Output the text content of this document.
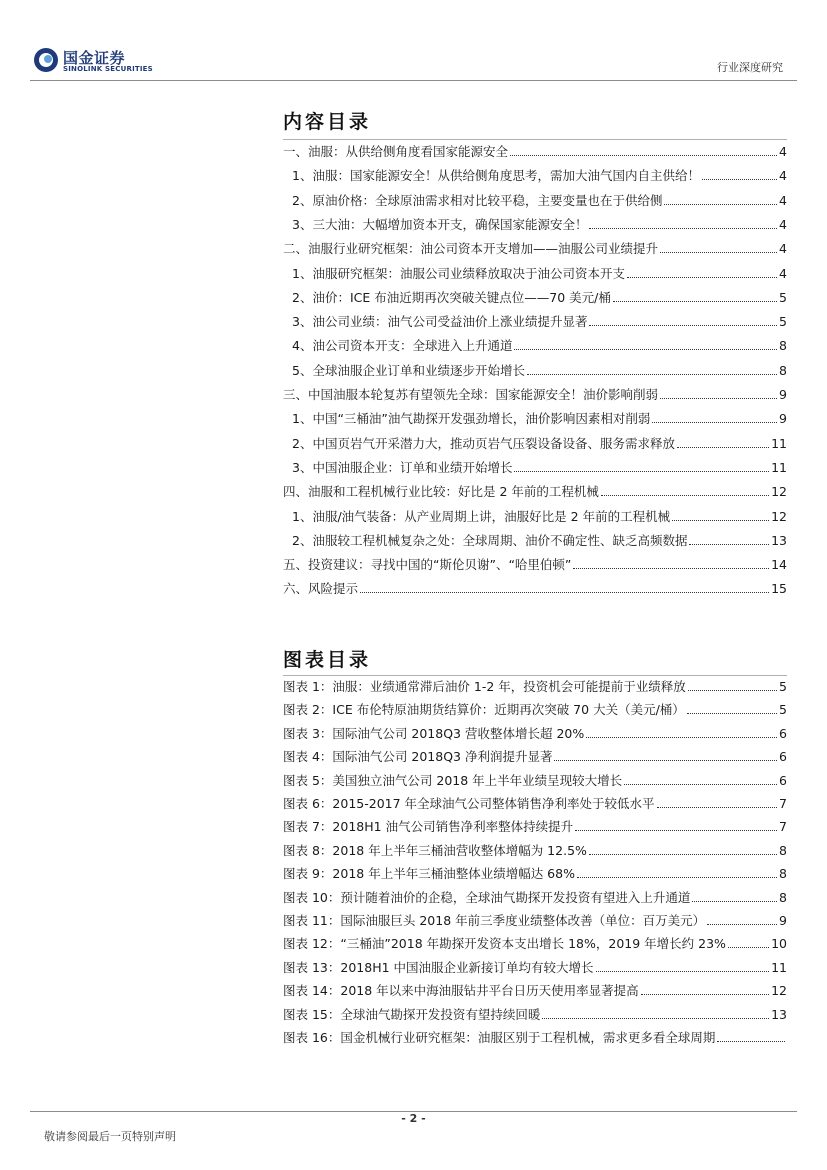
国金证券
SINOLINK SECURITIES	行业深度研究
内容目录
一、油服：从供给侧角度看国家能源安全	4
1、油服：国家能源安全！从供给侧角度思考，需加大油气国内自主供给！	4
2、原油价格：全球原油需求相对比较平稳，主要变量也在于供给侧	4
3、三大油：大幅增加资本开支，确保国家能源安全！	4
二、油服行业研究框架：油公司资本开支增加——油服公司业绩提升	4
1、油服研究框架：油服公司业绩释放取决于油公司资本开支	4
2、油价：ICE 布油近期再次突破关键点位——70 美元/桶	5
3、油公司业绩：油气公司受益油价上涨业绩提升显著	5
4、油公司资本开支：全球进入上升通道	8
5、全球油服企业订单和业绩逐步开始增长	8
三、中国油服本轮复苏有望领先全球：国家能源安全！油价影响削弱	9
1、中国“三桶油”油气勘探开发强劲增长，油价影响因素相对削弱	9
2、中国页岩气开采潜力大，推动页岩气压裂设备设备、服务需求释放	11
3、中国油服企业：订单和业绩开始增长	11
四、油服和工程机械行业比较：好比是 2 年前的工程机械	12
1、油服/油气装备：从产业周期上讲，油服好比是 2 年前的工程机械	12
2、油服较工程机械复杂之处：全球周期、油价不确定性、缺乏高频数据	13
五、投资建议：寻找中国的“斯伦贝谢”、“哈里伯顿”	14
六、风险提示	15
图表目录
图表 1：油服：业绩通常滞后油价 1-2 年，投资机会可能提前于业绩释放	5
图表 2：ICE 布伦特原油期货结算价：近期再次突破 70 大关（美元/桶）	5
图表 3：国际油气公司 2018Q3 营收整体增长超 20%	6
图表 4：国际油气公司 2018Q3 净利润提升显著	6
图表 5：美国独立油气公司 2018 年上半年业绩呈现较大增长	6
图表 6：2015-2017 年全球油气公司整体销售净利率处于较低水平	7
图表 7：2018H1 油气公司销售净利率整体持续提升	7
图表 8：2018 年上半年三桶油营收整体增幅为 12.5%	8
图表 9：2018 年上半年三桶油整体业绩增幅达 68%	8
图表 10：预计随着油价的企稳，全球油气勘探开发投资有望进入上升通道	8
图表 11：国际油服巨头 2018 年前三季度业绩整体改善（单位：百万美元）	9
图表 12：“三桶油”2018 年勘探开发资本支出增长 18%，2019 年增长约 23%	10
图表 13：2018H1 中国油服企业新接订单均有较大增长	11
图表 14：2018 年以来中海油服钻井平台日历天使用率显著提高	12
图表 15：全球油气勘探开发投资有望持续回暖	13
图表 16：国金机械行业研究框架：油服区别于工程机械，需求更多看全球周期
- 2 -
敬请参阅最后一页特别声明
